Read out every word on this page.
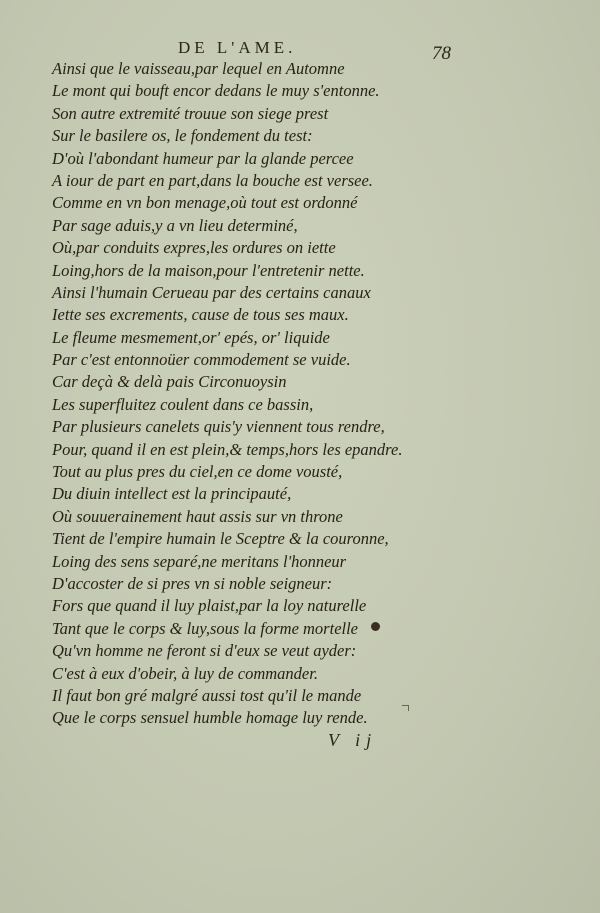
DE L'AME.	78
Ainsi que le vaisseau,par lequel en Automne
Le mont qui bouft encor dedans le muy s'entonne.
Son autre extremité trouue son siege prest
Sur le basilere os, le fondement du test:
D'où l'abondant humeur par la glande percee
A iour de part en part,dans la bouche est versee.
Comme en vn bon menage,où tout est ordonné
Par sage aduis,y a vn lieu determiné,
Où,par conduits expres,les ordures on iette
Loing,hors de la maison,pour l'entretenir nette.
Ainsi l'humain Cerueau par des certains canaux
Iette ses excrements, cause de tous ses maux.
Le fleume mesmement,or' epés, or' liquide
Par c'est entonnoüer commodement se vuide.
Car deçà & delà pais Circonuoysin
Les superfluitez coulent dans ce bassin,
Par plusieurs canelets quis'y viennent tous rendre,
Pour, quand il en est plein,& temps,hors les epandre.
Tout au plus pres du ciel,en ce dome vousté,
Du diuin intellect est la principauté,
Où souuerainement haut assis sur vn throne
Tient de l'empire humain le Sceptre & la couronne,
Loing des sens separé,ne meritans l'honneur
D'accoster de si pres vn si noble seigneur:
Fors que quand il luy plaist,par la loy naturelle
Tant que le corps & luy,sous la forme mortelle
Qu'vn homme ne feront si d'eux se veut ayder:
C'est à eux d'obeir, à luy de commander.
Il faut bon gré malgré aussi tost qu'il le mande
Que le corps sensuel humble homage luy rende.
V ij
